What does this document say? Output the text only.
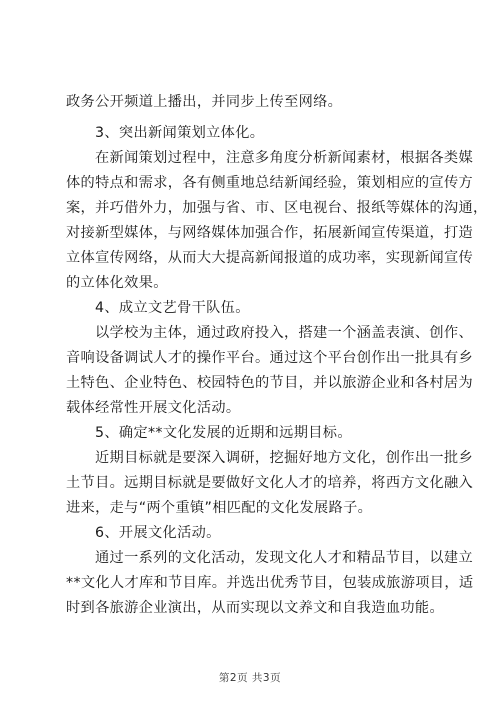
政务公开频道上播出，并同步上传至网络。
3、突出新闻策划立体化。
在新闻策划过程中，注意多角度分析新闻素材，根据各类媒
体的特点和需求，各有侧重地总结新闻经验，策划相应的宣传方
案，并巧借外力，加强与省、市、区电视台、报纸等媒体的沟通，
对接新型媒体，与网络媒体加强合作，拓展新闻宣传渠道，打造
立体宣传网络，从而大大提高新闻报道的成功率，实现新闻宣传
的立体化效果。
4、成立文艺骨干队伍。
以学校为主体，通过政府投入，搭建一个涵盖表演、创作、
音响设备调试人才的操作平台。通过这个平台创作出一批具有乡
土特色、企业特色、校园特色的节目，并以旅游企业和各村居为
载体经常性开展文化活动。
5、确定**文化发展的近期和远期目标。
近期目标就是要深入调研，挖掘好地方文化，创作出一批乡
土节目。远期目标就是要做好文化人才的培养，将西方文化融入
进来，走与“两个重镇”相匹配的文化发展路子。
6、开展文化活动。
通过一系列的文化活动，发现文化人才和精品节目，以建立
**文化人才库和节目库。并选出优秀节目，包装成旅游项目，适
时到各旅游企业演出，从而实现以文养文和自我造血功能。
第2页 共3页
